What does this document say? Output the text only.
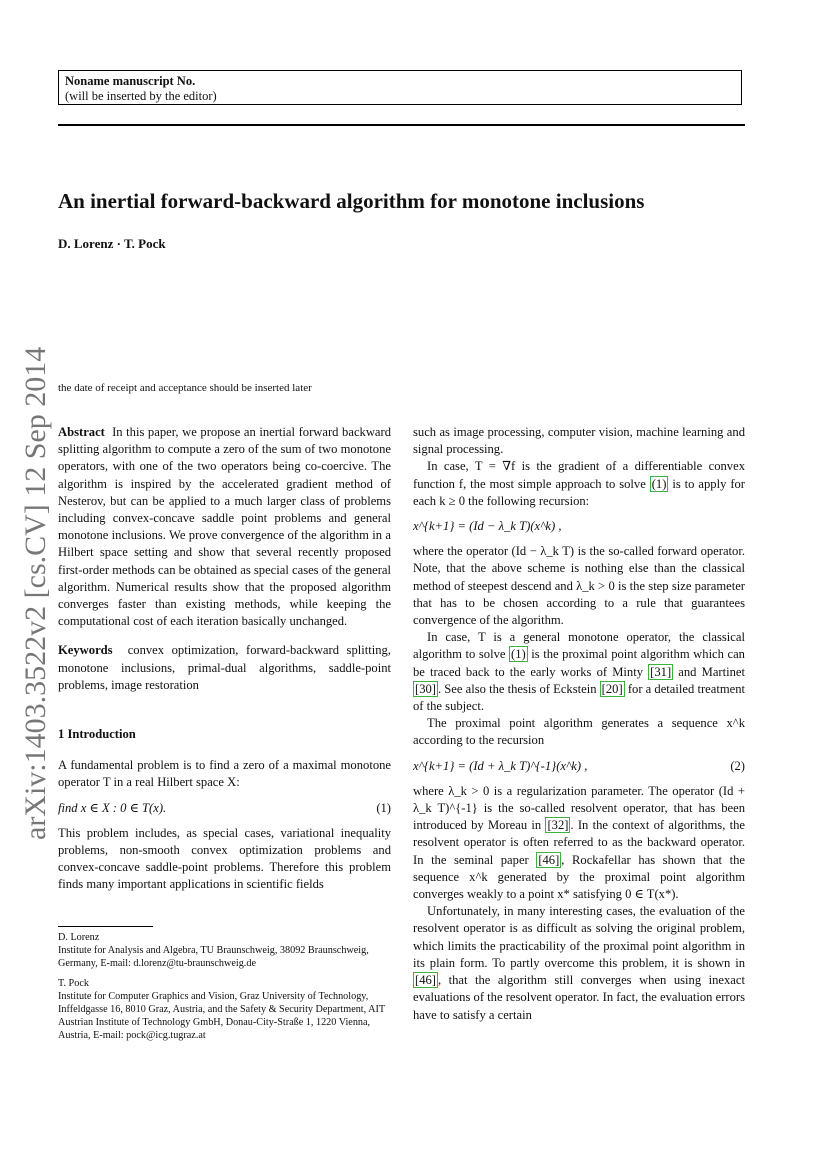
Noname manuscript No.
(will be inserted by the editor)
An inertial forward-backward algorithm for monotone inclusions
D. Lorenz · T. Pock
arXiv:1403.3522v2 [cs.CV] 12 Sep 2014 the date of receipt and acceptance should be inserted later

Abstract In this paper, we propose an inertial forward backward splitting algorithm to compute a zero of the sum of two monotone operators, with one of the two operators being co-coercive. The algorithm is inspired by the accelerated gradient method of Nesterov, but can be applied to a much larger class of problems including convex-concave saddle point problems and general monotone inclusions. We prove convergence of the algorithm in a Hilbert space setting and show that several recently proposed first-order methods can be obtained as special cases of the general algorithm. Numerical results show that the proposed algorithm converges faster than existing methods, while keeping the computational cost of each iteration basically unchanged.

Keywords convex optimization, forward-backward splitting, monotone inclusions, primal-dual algorithms, saddle-point problems, image restoration

1 Introduction

A fundamental problem is to find a zero of a maximal monotone operator T in a real Hilbert space X:

find x ∈ X : 0 ∈ T(x).	(1)

This problem includes, as special cases, variational inequality problems, non-smooth convex optimization problems and convex-concave saddle-point problems. Therefore this problem finds many important applications in scientific fields

D. Lorenz

Institute for Analysis and Algebra, TU Braunschweig, 38092 Braunschweig, Germany, E-mail: d.lorenz@tu-braunschweig.de

T. Pock

Institute for Computer Graphics and Vision, Graz University of Technology, Inffeldgasse 16, 8010 Graz, Austria, and the Safety & Security Department, AIT Austrian Institute of Technology GmbH, Donau-City-Straße 1, 1220 Vienna, Austria, E-mail: pock@icg.tugraz.at

such as image processing, computer vision, machine learning and signal processing.

In case, T = ∇f is the gradient of a differentiable convex function f, the most simple approach to solve (1) is to apply for each k ≥ 0 the following recursion:

x^{k+1} = (Id − λ_k T)(x^k) ,

where the operator (Id − λ_k T) is the so-called forward operator. Note, that the above scheme is nothing else than the classical method of steepest descend and λ_k > 0 is the step size parameter that has to be chosen according to a rule that guarantees convergence of the algorithm.

In case, T is a general monotone operator, the classical algorithm to solve (1) is the proximal point algorithm which can be traced back to the early works of Minty [31] and Martinet [30] . See also the thesis of Eckstein [20] for a detailed treatment of the subject.

The proximal point algorithm generates a sequence x^k according to the recursion

x^{k+1} = (Id + λ_k T)^{-1}(x^k) ,	(2)

where λ_k > 0 is a regularization parameter. The operator (Id + λ_k T)^{-1} is the so-called resolvent operator, that has been introduced by Moreau in [32] . In the context of algorithms, the resolvent operator is often referred to as the backward operator. In the seminal paper [46] , Rockafellar has shown that the sequence x^k generated by the proximal point algorithm converges weakly to a point x* satisfying 0 ∈ T(x*).

Unfortunately, in many interesting cases, the evaluation of the resolvent operator is as difficult as solving the original problem, which limits the practicability of the proximal point algorithm in its plain form. To partly overcome this problem, it is shown in [46] , that the algorithm still converges when using inexact evaluations of the resolvent operator. In fact, the evaluation errors have to satisfy a certain
